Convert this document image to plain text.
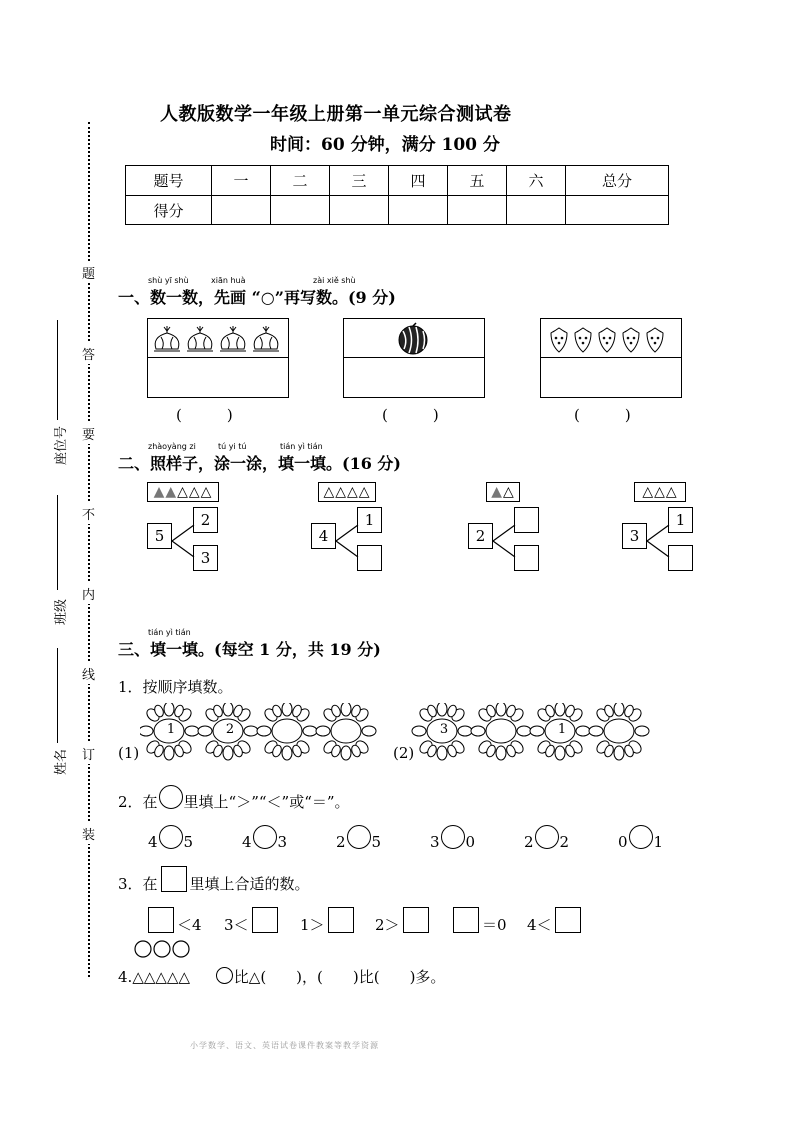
人教版数学一年级上册第一单元综合测试卷
时间：60 分钟，满分 100 分
题号	一	二	三	四	五	六	总分
得分							
题
答
要
不
内
线
订
装
座位号
班级
姓名
shù yī shù	xiān huà	zài xiě shù
一、数一数，先画 “○”再写数。(9 分)
(　　　)	(　　　)	(　　　)
zhàoyàng zi	tú yi tú	tián yì tián
二、照样子，涂一涂，填一填。(16 分)
▲▲ △△△
5
2
3
△△△△
4
1
▲ △
2
△△△
3
1
tián yì tián
三、填一填。(每空 1 分，共 19 分)
1．按顺序填数。
(1)	(2)
1	2	3	1
2．在 里填上“＞”“＜”或“＝”。
4 5	4 3	2 5	3 0	2 2	0 1
3．在 里填上合适的数。
＜4 3＜	1＞	2＞	＝0 4＜
4.△△△△△	比△(　　)，(　　)比(　　)多。
小学数学、语文、英语试卷课件教案等教学资源
